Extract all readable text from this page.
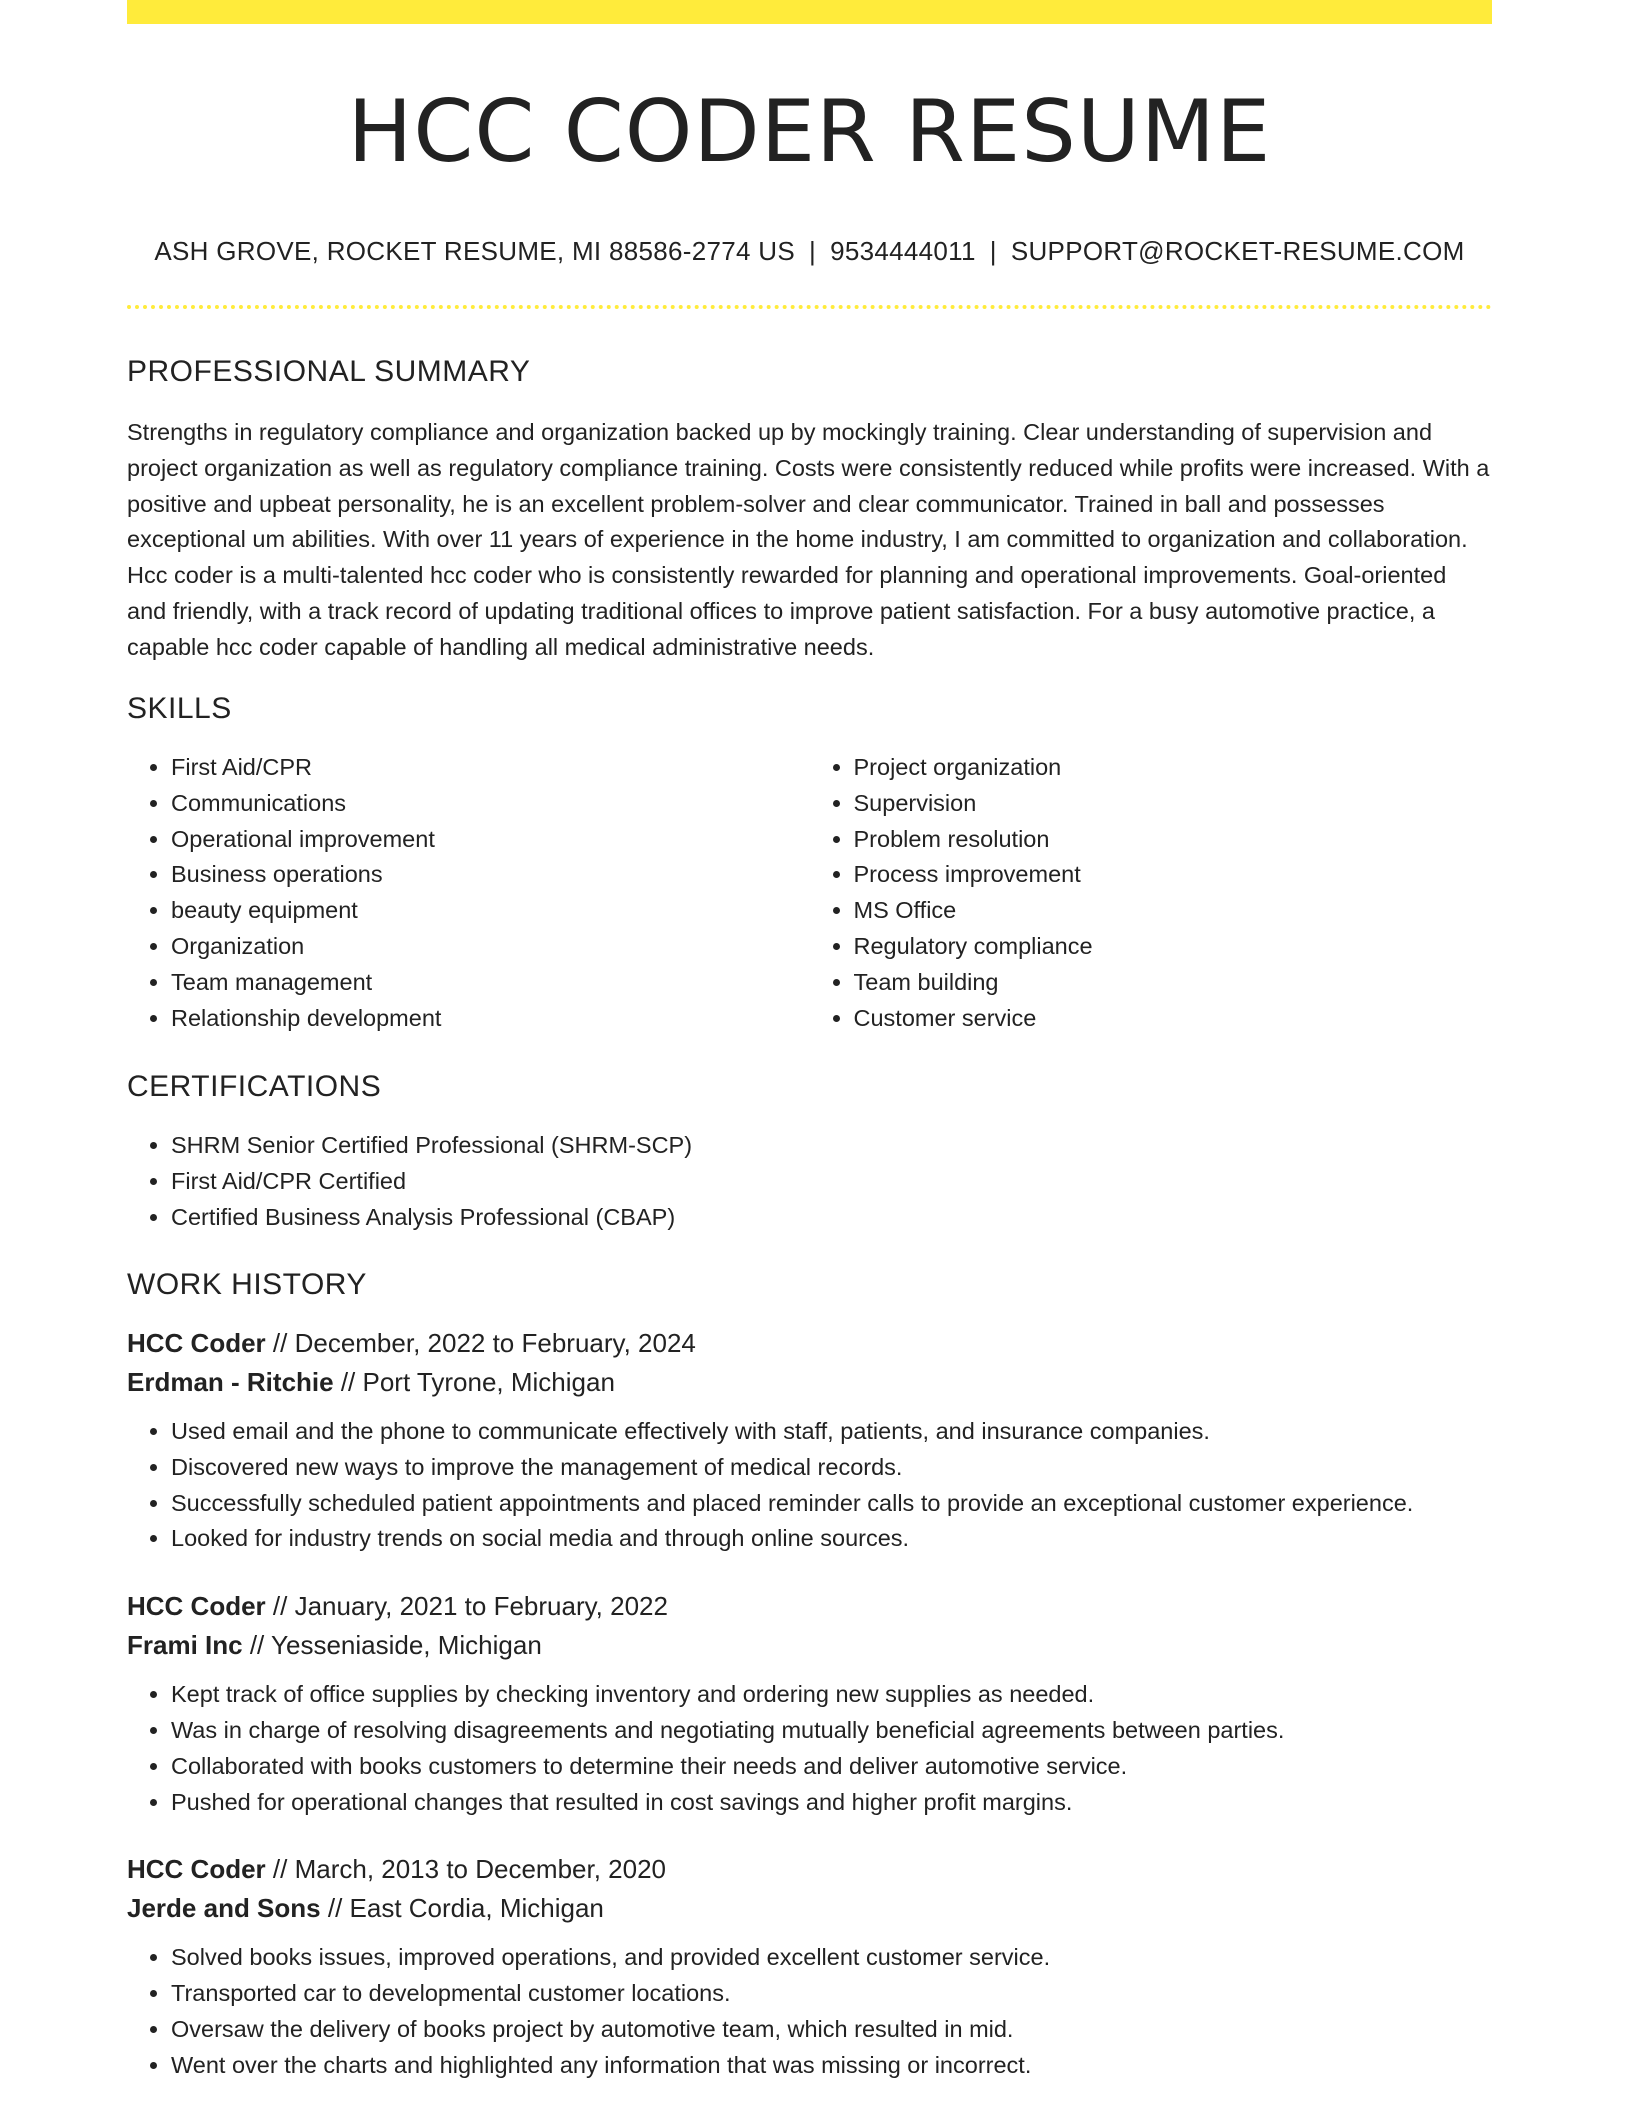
HCC CODER RESUME
ASH GROVE, ROCKET RESUME, MI 88586-2774 US | 9534444011 | SUPPORT@ROCKET-RESUME.COM
PROFESSIONAL SUMMARY

Strengths in regulatory compliance and organization backed up by mockingly training. Clear understanding of supervision and project organization as well as regulatory compliance training. Costs were consistently reduced while profits were increased. With a positive and upbeat personality, he is an excellent problem-solver and clear communicator. Trained in ball and possesses exceptional um abilities. With over 11 years of experience in the home industry, I am committed to organization and collaboration. Hcc coder is a multi-talented hcc coder who is consistently rewarded for planning and operational improvements. Goal-oriented and friendly, with a track record of updating traditional offices to improve patient satisfaction. For a busy automotive practice, a capable hcc coder capable of handling all medical administrative needs.

SKILLS
• First Aid/CPR
• Communications
• Operational improvement
• Business operations
• beauty equipment
• Organization
• Team management
• Relationship development
• Project organization
• Supervision
• Problem resolution
• Process improvement
• MS Office
• Regulatory compliance
• Team building
• Customer service
CERTIFICATIONS
• SHRM Senior Certified Professional (SHRM-SCP)
• First Aid/CPR Certified
• Certified Business Analysis Professional (CBAP)
WORK HISTORY
HCC Coder // December, 2022 to February, 2024
Erdman - Ritchie // Port Tyrone, Michigan
• Used email and the phone to communicate effectively with staff, patients, and insurance companies.
• Discovered new ways to improve the management of medical records.
• Successfully scheduled patient appointments and placed reminder calls to provide an exceptional customer experience.
• Looked for industry trends on social media and through online sources.
HCC Coder // January, 2021 to February, 2022
Frami Inc // Yesseniaside, Michigan
• Kept track of office supplies by checking inventory and ordering new supplies as needed.
• Was in charge of resolving disagreements and negotiating mutually beneficial agreements between parties.
• Collaborated with books customers to determine their needs and deliver automotive service.
• Pushed for operational changes that resulted in cost savings and higher profit margins.
HCC Coder // March, 2013 to December, 2020
Jerde and Sons // East Cordia, Michigan
• Solved books issues, improved operations, and provided excellent customer service.
• Transported car to developmental customer locations.
• Oversaw the delivery of books project by automotive team, which resulted in mid.
• Went over the charts and highlighted any information that was missing or incorrect.
